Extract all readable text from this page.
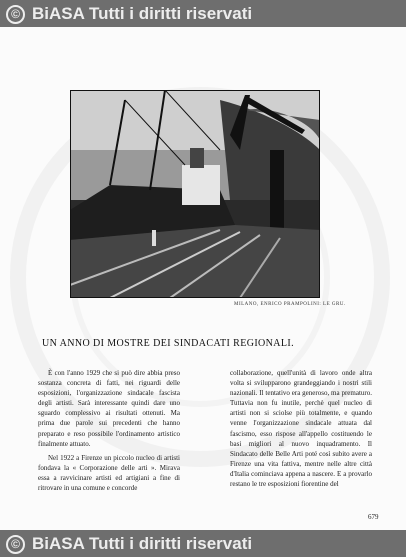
© BiASA Tutti i diritti riservati
MILANO, ENRICO PRAMPOLINI: LE GRU.
UN ANNO DI MOSTRE DEI SINDACATI REGIONALI.

È con l'anno 1929 che si può dire abbia preso sostanza concreta di fatti, nei riguardi delle esposizioni, l'organizzazione sindacale fascista degli artisti. Sarà interessante quindi dare uno sguardo complessivo ai risultati ottenuti. Ma prima due parole sui precedenti che hanno preparato e reso possibile l'ordinamento artistico finalmente attuato.

Nel 1922 a Firenze un piccolo nucleo di artisti fondava la « Corporazione delle arti ». Mirava essa a ravvicinare artisti ed artigiani a fine di ritrovare in una comune e concorde

collaborazione, quell'unità di lavoro onde altra volta si svilupparono grandeggiando i nostri stili nazionali. Il tentativo era generoso, ma prematuro. Tuttavia non fu inutile, perchè quel nucleo di artisti non si sciolse più totalmente, e quando venne l'organizzazione sindacale attuata dal fascismo, esso rispose all'appello costituendo le basi migliori al nuovo inquadramento. Il Sindacato delle Belle Arti poté così subito avere a Firenze una vita fattiva, mentre nelle altre città d'Italia cominciava appena a nascere. E a provarlo restano le tre esposizioni fiorentine del

679
© BiASA Tutti i diritti riservati
